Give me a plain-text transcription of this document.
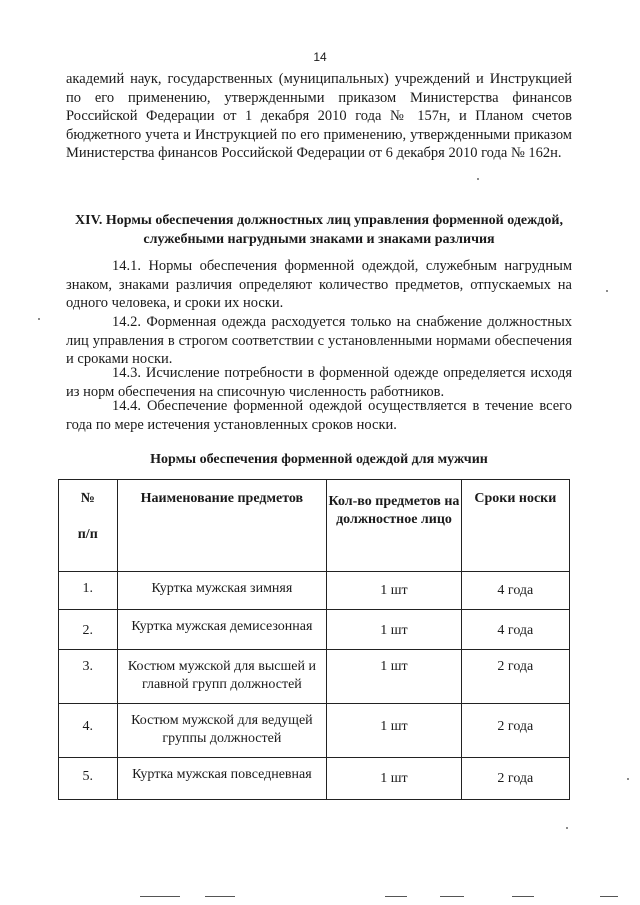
14

академий наук, государственных (муниципальных) учреждений и Инструкцией по его применению, утвержденными приказом Министерства финансов Российской Федерации от 1 декабря 2010 года № 157н, и Планом счетов бюджетного учета и Инструкцией по его применению, утвержденными приказом Министерства финансов Российской Федерации от 6 декабря 2010 года № 162н.

XIV. Нормы обеспечения должностных лиц управления форменной одеждой, служебными нагрудными знаками и знаками различия

14.1. Нормы обеспечения форменной одеждой, служебным нагрудным знаком, знаками различия определяют количество предметов, отпускаемых на одного человека, и сроки их носки.

14.2. Форменная одежда расходуется только на снабжение должностных лиц управления в строгом соответствии с установленными нормами обеспечения и сроками носки.

14.3. Исчисление потребности в форменной одежде определяется исходя из норм обеспечения на списочную численность работников.

14.4. Обеспечение форменной одеждой осуществляется в течение всего года по мере истечения установленных сроков носки.

Нормы обеспечения форменной одеждой для мужчин

№
п/п	Наименование предметов	Кол-во предметов на должностное лицо	Сроки носки
1.	Куртка мужская зимняя	1 шт	4 года
2.	Куртка мужская демисезонная	1 шт	4 года
3.	Костюм мужской для высшей и главной групп должностей	1 шт	2 года
4.	Костюм мужской для ведущей группы должностей	1 шт	2 года
5.	Куртка мужская повседневная	1 шт	2 года
